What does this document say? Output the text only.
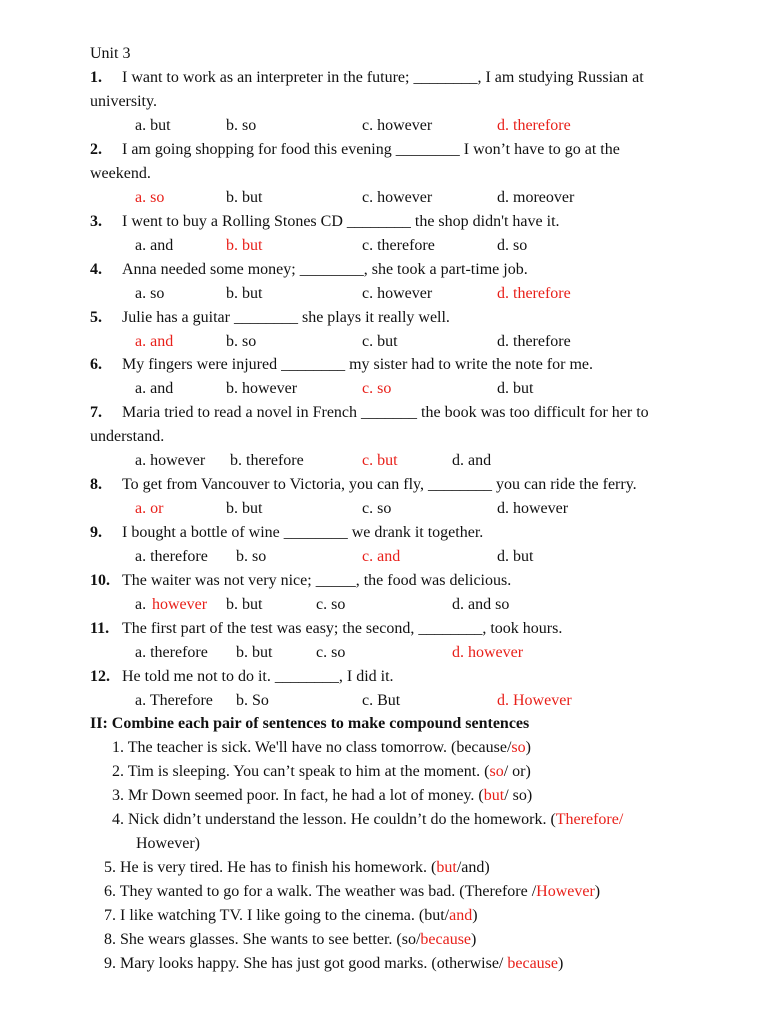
Unit 3
1. I want to work as an interpreter in the future; ________, I am studying Russian at
university.
a. but	b. so	c. however	d. therefore
2. I am going shopping for food this evening ________ I won’t have to go at the
weekend.
a. so	b. but	c. however	d. moreover
3. I went to buy a Rolling Stones CD ________ the shop didn't have it.
a. and	b. but	c. therefore	d. so
4. Anna needed some money; ________, she took a part-time job.
a. so	b. but	c. however	d. therefore
5. Julie has a guitar ________ she plays it really well.
a. and	b. so	c. but	d. therefore
6. My fingers were injured ________ my sister had to write the note for me.
a. and	b. however	c. so	d. but
7. Maria tried to read a novel in French _______ the book was too difficult for her to
understand.
a. however b. therefore	c. but	d. and
8. To get from Vancouver to Victoria, you can fly, ________ you can ride the ferry.
a. or	b. but	c. so	d. however
9. I bought a bottle of wine ________ we drank it together.
a. therefore b. so	c. and	d. but
10. The waiter was not very nice; _____, the food was delicious.
a. however b. but	c. so	d. and so
11. The first part of the test was easy; the second, ________, took hours.
a. therefore b. but	c. so	d. however
12. He told me not to do it. ________, I did it.
a. Therefore b. So	c. But	d. However
II: Combine each pair of sentences to make compound sentences
1. The teacher is sick. We'll have no class tomorrow. (because/so)
2. Tim is sleeping. You can’t speak to him at the moment. (so/ or)
3. Mr Down seemed poor. In fact, he had a lot of money. (but/ so)
4. Nick didn’t understand the lesson. He couldn’t do the homework. (Therefore/
However)
5. He is very tired. He has to finish his homework. (but/and)
6. They wanted to go for a walk. The weather was bad. (Therefore /However)
7. I like watching TV. I like going to the cinema. (but/and)
8. She wears glasses. She wants to see better. (so/because)
9. Mary looks happy. She has just got good marks. (otherwise/ because)
